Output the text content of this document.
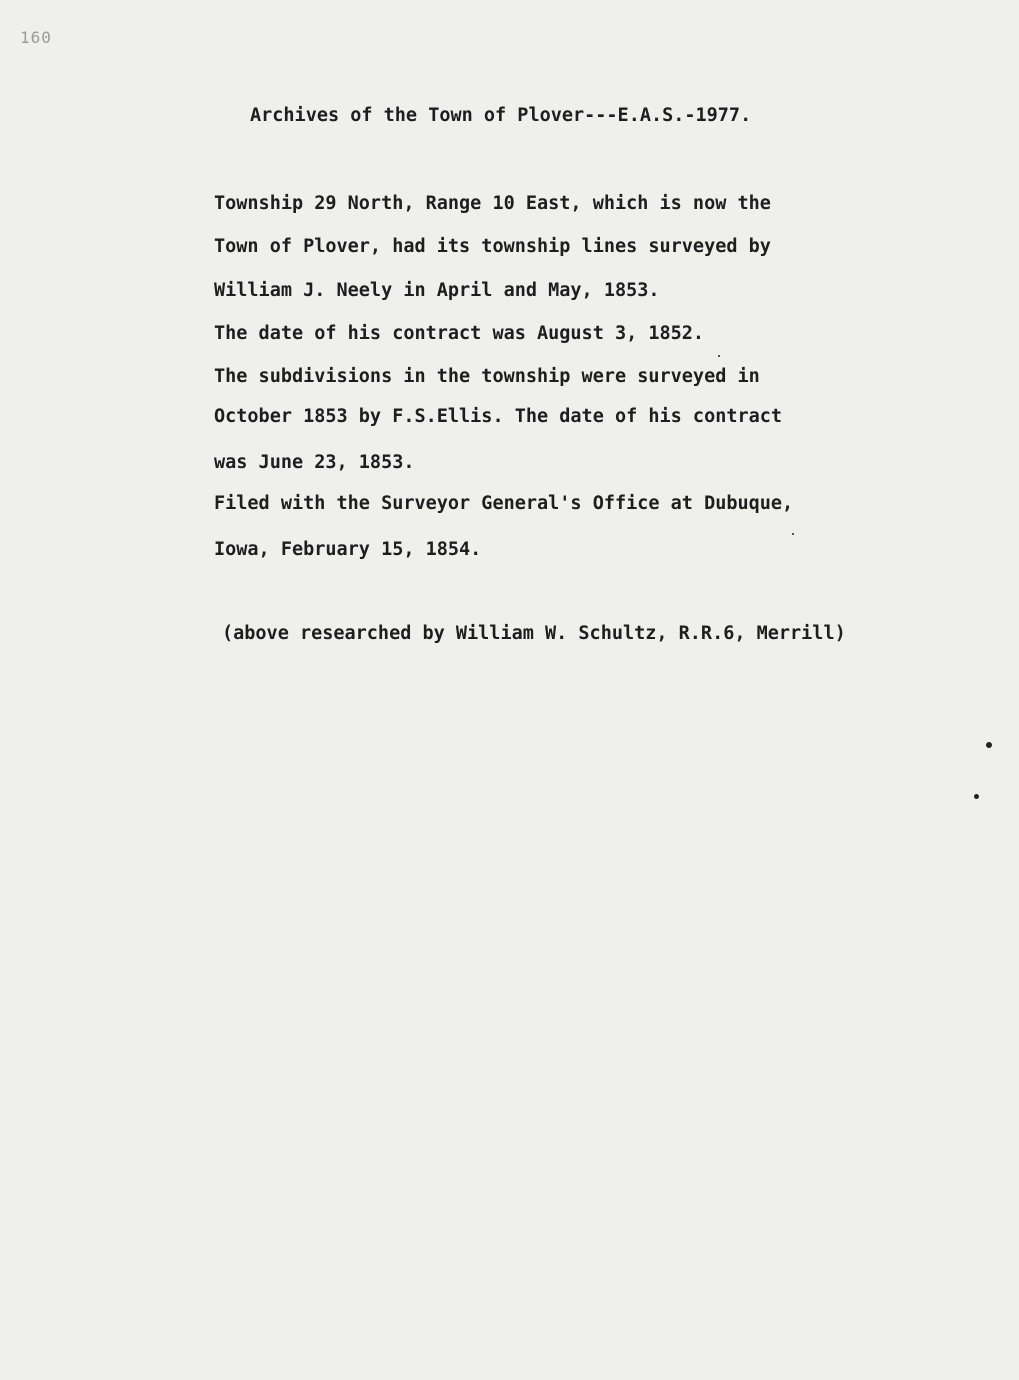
160
Archives of the Town of Plover---E.A.S.-1977.
Township 29 North, Range 10 East, which is now the
Town of Plover, had its township lines surveyed by
William J. Neely in April and May, 1853.
The date of his contract was August 3, 1852.
The subdivisions in the township were surveyed in
October 1853 by F.S.Ellis. The date of his contract
was June 23, 1853.
Filed with the Surveyor General's Office at Dubuque,
Iowa, February 15, 1854.
(above researched by William W. Schultz, R.R.6, Merrill)
